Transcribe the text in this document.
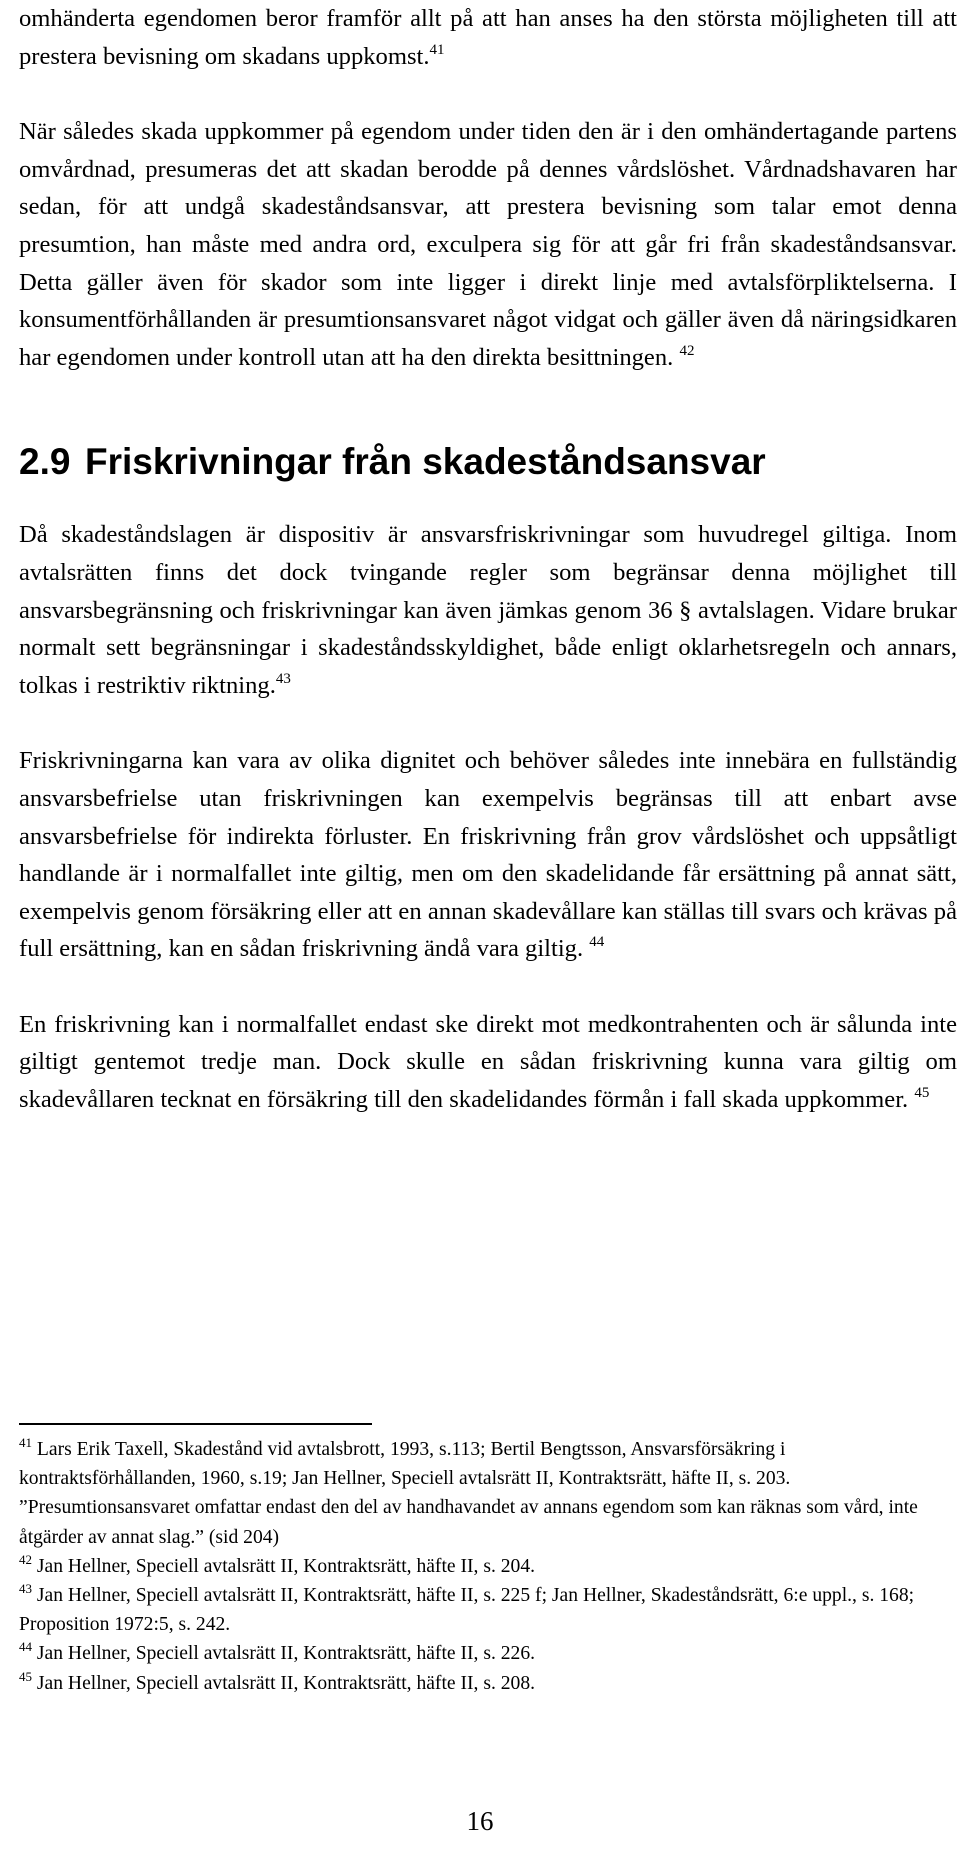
omhänderta egendomen beror framför allt på att han anses ha den största möjligheten till att prestera bevisning om skadans uppkomst.$^{41}$

När således skada uppkommer på egendom under tiden den är i den omhändertagande partens omvårdnad, presumeras det att skadan berodde på dennes vårdslöshet. Vårdnadshavaren har sedan, för att undgå skadeståndsansvar, att prestera bevisning som talar emot denna presumtion, han måste med andra ord, exculpera sig för att går fri från skadeståndsansvar. Detta gäller även för skador som inte ligger i direkt linje med avtalsförpliktelserna. I konsumentförhållanden är presumtionsansvaret något vidgat och gäller även då näringsidkaren har egendomen under kontroll utan att ha den direkta besittningen. $^{42}$

2.9 Friskrivningar från skadeståndsansvar

Då skadeståndslagen är dispositiv är ansvarsfriskrivningar som huvudregel giltiga. Inom avtalsrätten finns det dock tvingande regler som begränsar denna möjlighet till ansvarsbegränsning och friskrivningar kan även jämkas genom 36 § avtalslagen. Vidare brukar normalt sett begränsningar i skadeståndsskyldighet, både enligt oklarhetsregeln och annars, tolkas i restriktiv riktning.$^{43}$

Friskrivningarna kan vara av olika dignitet och behöver således inte innebära en fullständig ansvarsbefrielse utan friskrivningen kan exempelvis begränsas till att enbart avse ansvarsbefrielse för indirekta förluster. En friskrivning från grov vårdslöshet och uppsåtligt handlande är i normalfallet inte giltig, men om den skadelidande får ersättning på annat sätt, exempelvis genom försäkring eller att en annan skadevållare kan ställas till svars och krävas på full ersättning, kan en sådan friskrivning ändå vara giltig. $^{44}$

En friskrivning kan i normalfallet endast ske direkt mot medkontrahenten och är sålunda inte giltigt gentemot tredje man. Dock skulle en sådan friskrivning kunna vara giltig om skadevållaren tecknat en försäkring till den skadelidandes förmån i fall skada uppkommer. $^{45}$

$^{41}$ Lars Erik Taxell, Skadestånd vid avtalsbrott, 1993, s.113; Bertil Bengtsson, Ansvarsförsäkring i kontraktsförhållanden, 1960, s.19; Jan Hellner, Speciell avtalsrätt II, Kontraktsrätt, häfte II, s. 203. ”Presumtionsansvaret omfattar endast den del av handhavandet av annans egendom som kan räknas som vård, inte åtgärder av annat slag.” (sid 204)

$^{42}$ Jan Hellner, Speciell avtalsrätt II, Kontraktsrätt, häfte II, s. 204.

$^{43}$ Jan Hellner, Speciell avtalsrätt II, Kontraktsrätt, häfte II, s. 225 f; Jan Hellner, Skadeståndsrätt, 6:e uppl., s. 168; Proposition 1972:5, s. 242.

$^{44}$ Jan Hellner, Speciell avtalsrätt II, Kontraktsrätt, häfte II, s. 226.

$^{45}$ Jan Hellner, Speciell avtalsrätt II, Kontraktsrätt, häfte II, s. 208.

16
